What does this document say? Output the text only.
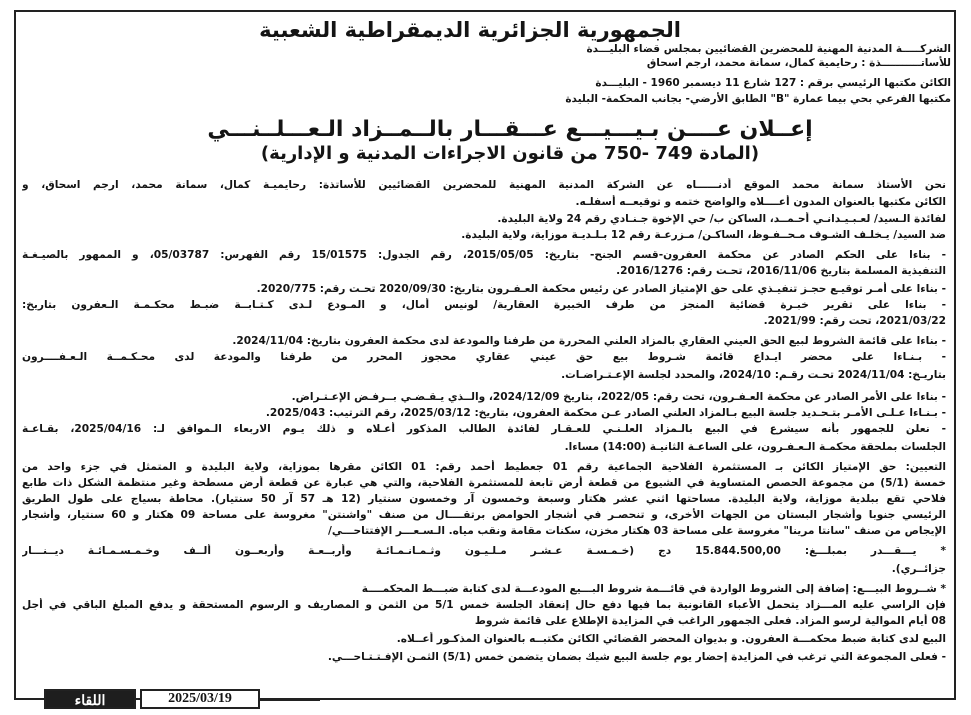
الجمهورية الجزائرية الديمقراطية الشعبية
الشركـــــة المدنية المهنية للمحضرين القضائيين بمجلس قضاء البليـــدة
للأساتـــــــــــذة : رحايمية كمال، سمانة محمد، ارجم اسحاق
الكائن مكتبها الرئيسي برقم : 127 شارع 11 ديسمبر 1960 - البليـــدة
مكتبها الفرعي بحي بيما عمارة "B" الطابق الأرضي- بجانب المحكمة- البليدة
إعــلان عــــن بـيـــيـــع عـــقـــار بالــمــزاد الـعـــلــنـــي
(المادة 749 -750 من قانون الاجراءات المدنية و الإدارية)
اللقاء	2025/03/19
نحن الأستاذ سمانة محمد الموقع أدنــــــاه عن الشركة المدنية المهنية للمحضرين القضائيين للأساتذة: رحايميـة كمال، سمانة محمد، ارجم اسحاق، و
الكائن مكتبها بالعنوان المدون أعــــلاه والواضح ختمه و توقيعــه أسفلـه.
لفائدة الـسيد/ لعـبـيـدانـي أحـمــد، الساكن ب/ حي الإخوة جـنـادي رقم 24 ولاية البليدة.
ضد السيد/ يـخلـف الشـوف مـحــفـوظ، الساكـن/ مـزرعـة رقم 12 بـلـديـة موزاية، ولاية البليدة.
- بناءا على الحكم الصادر عن محكمة العفرون-قسم الجنح- بتاريخ: 2015/05/05، رقم الجدول: 15/01575 رقم الفهرس: 05/03787، و الممهور بالصيـغـة
التنفيذية المسلمة بتاريخ 2016/11/06، تحـت رقم: 2016/1276.
- بناءا على أمـر توقيـع حجـز تنفيـذي على حق الإمتياز الصادر عن رئيس محكمة العـفـرون بتاريخ: 2020/09/30 تحـت رقم: 2020/775.
- بناءا على تقرير خبـرة قضائية المنجز من طرف الخبيرة العقارية/ لونيس أمال، و المـودع لـدى كـتـابــة ضبـط محكـمـة الـعفرون بتاريخ:
2021/03/22، تحت رقم: 2021/99.
- بناءا على قائمة الشروط لبيع الحق العيني العقاري بالمزاد العلني المحررة من طرفنا والمودعة لدى محكمة العفرون بتاريخ: 2024/11/04.
- بـنـاءا على محضر ايـداع قائمة شـروط بيع حق عيني عقاري محجوز المحرر من طرفنا والمودعة لدى محـكـمــة الـعـفــــرون
بتاريـخ: 2024/11/04 تحـت رقـم: 2024/10، والمحدد لجلسة الإعـتـراضـات.
- بناءا على الأمر الصادر عن محكمة العـفـرون، تحت رقم: 2022/05، بتاريخ 2024/12/09، والــذي يـقـضـي بــرفـض الإعـتـراض.
- بـنـاءا عـلـى الأمـر بتـحـديد جلسة البيع بـالمزاد العلني الصادر عـن محكمة العفرون، بتاريخ: 2025/03/12، رقم الترتيب: 2025/043.
- نعلن للجمهور بأنه سيشرع في البيع بالـمزاد العلـنـي للعـقـار لفائدة الطالب المذكور أعـلاه و ذلك يـوم الاربعاء الـموافق لـ: 2025/04/16، بقـاعـة
الجلسات بملحقة محكمـة الـعـفـرون، على الساعـة الثانيـة (14:00) مساءا.
التعيين: حق الإمتياز الكائن بـ المستثمرة الفلاحية الجماعية رقم 01 جعطيط أحمد رقم: 01 الكائن مقرها بموزاية، ولاية البليدة و المتمثل في جزء واحد من
خمسة (5/1) من مجموعة الحصص المتساوية في الشيوع من قطعة أرض تابعة للمستثمرة الفلاحية، والتي هي عبارة عن قطعة أرض مسطحة وغير منتظمة الشكل ذات طابع
فلاحي تقع ببلدية موزاية، ولاية البليدة. مساحتها اثني عشر هكتار وسبعة وخمسون آر وخمسون سنتيار (12 هـ 57 آر 50 سنتيار). محاطة بسياج على طول الطريق
الرئيسي جنوبا وأشجار البستان من الجهات الأخرى، و تنحصـر في أشجار الحوامض برتقــــال من صنف "واشنتن" مغروسة على مساحة 09 هكتار و 60 سنتيار، وأشجار
الإيجاص من صنف "سانتا مرينا" مغروسة على مساحة 03 هكتار مخزن، سكنات مقامة ونقب مياه. الـسـعـــر الإفتتاحـــي/
* يـــقـــدر بمبلـــغ: 15.844.500,00 دج (خـمـسـة عـشـر مـلـيـون وثـمـانـمـائـة وأربــعـة وأربعــون ألــف وخـمـسـمـائـة ديــنـــار
جزائــري).
* شــروط البيـــع: إضافة إلى الشروط الواردة في قائـــمة شروط البـــيع المودعـــة لدى كتابة ضبـــط المحكمــــة
فإن الراسي عليه المـــزاد يتحمل الأعباء القانونية بما فيها دفع حال إنعقاد الجلسة خمس 5/1 من الثمن و المصاريف و الرسوم المستحقة و يدفع المبلغ الباقي في أجل
08 أيام الموالية لرسو المزاد. فعلى الجمهور الراغب في المزايدة الإطلاع على قائمة شروط
البيع لدى كتابة ضبط محكمـــة العفرون. و بديوان المحضر القضائي الكائن مكتبــه بالعنوان المذكـور أعــلاه.
- فعلى المجموعة التي ترغب في المزايدة إحضار يوم جلسة البيع شيك بضمان يتضمن خمس (5/1) الثمـن الإفـتـتـاحـــي.
